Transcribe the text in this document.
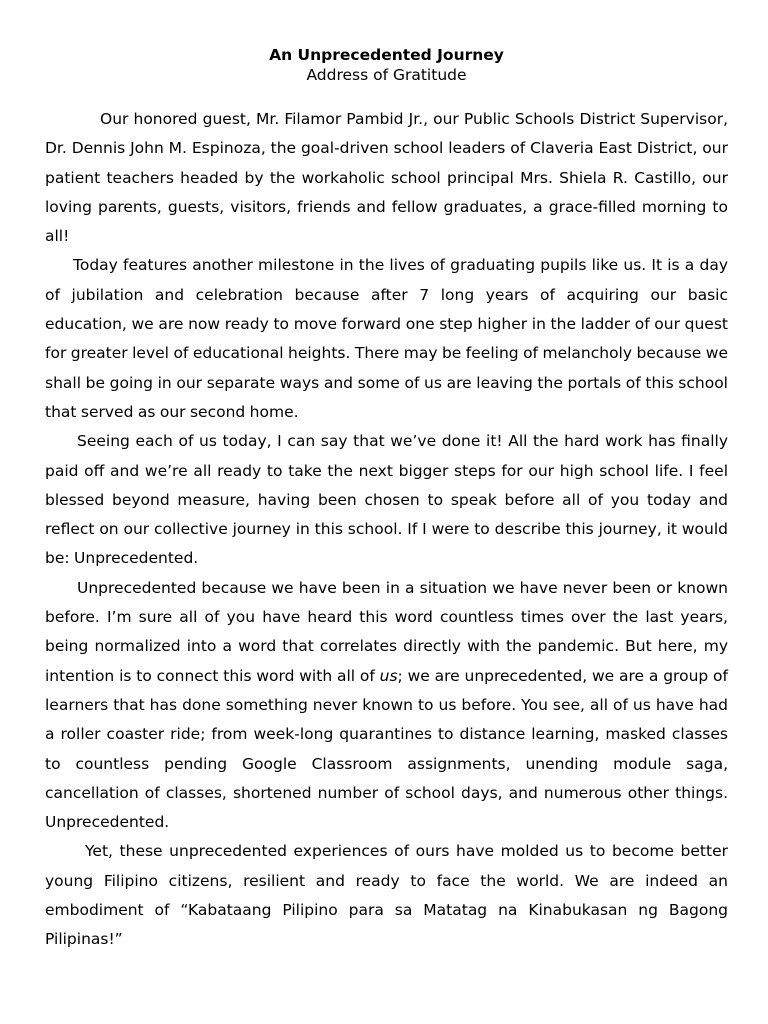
An Unprecedented Journey

Address of Gratitude

Our honored guest, Mr. Filamor Pambid Jr., our Public Schools District Supervisor, Dr. Dennis John M. Espinoza, the goal-driven school leaders of Claveria East District, our patient teachers headed by the workaholic school principal Mrs. Shiela R. Castillo, our loving parents, guests, visitors, friends and fellow graduates, a grace-filled morning to all!

Today features another milestone in the lives of graduating pupils like us. It is a day of jubilation and celebration because after 7 long years of acquiring our basic education, we are now ready to move forward one step higher in the ladder of our quest for greater level of educational heights. There may be feeling of melancholy because we shall be going in our separate ways and some of us are leaving the portals of this school that served as our second home.

Seeing each of us today, I can say that we’ve done it! All the hard work has finally paid off and we’re all ready to take the next bigger steps for our high school life. I feel blessed beyond measure, having been chosen to speak before all of you today and reflect on our collective journey in this school. If I were to describe this journey, it would be: Unprecedented.

Unprecedented because we have been in a situation we have never been or known before. I’m sure all of you have heard this word countless times over the last years, being normalized into a word that correlates directly with the pandemic. But here, my intention is to connect this word with all of us; we are unprecedented, we are a group of learners that has done something never known to us before. You see, all of us have had a roller coaster ride; from week-long quarantines to distance learning, masked classes to countless pending Google Classroom assignments, unending module saga, cancellation of classes, shortened number of school days, and numerous other things. Unprecedented.

Yet, these unprecedented experiences of ours have molded us to become better young Filipino citizens, resilient and ready to face the world. We are indeed an embodiment of “Kabataang Pilipino para sa Matatag na Kinabukasan ng Bagong Pilipinas!”
